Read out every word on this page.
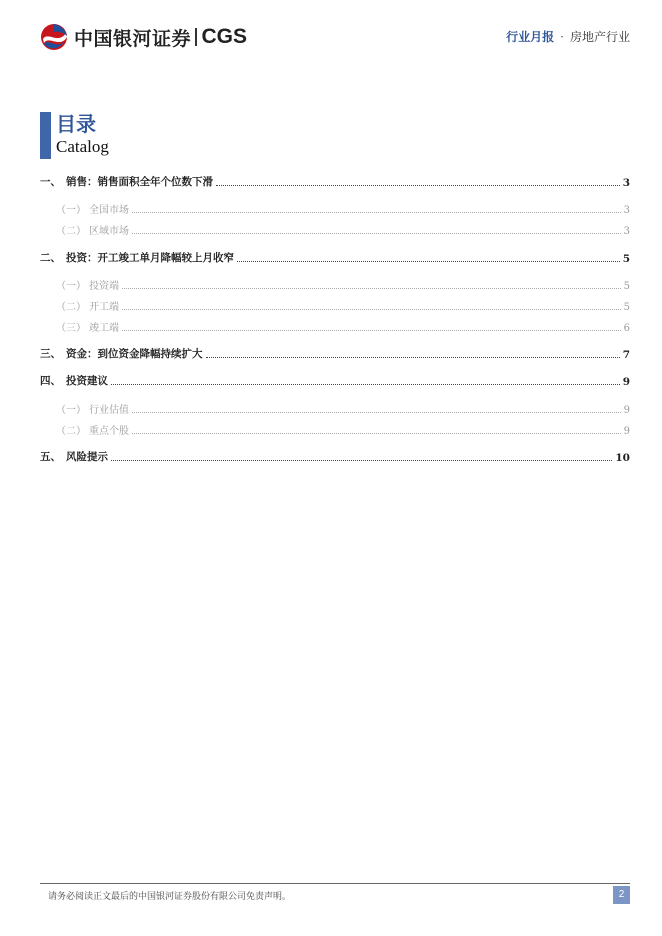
中国银河证券 CGS	行业月报 · 房地产行业
目录
Catalog
一、 销售：销售面积全年个位数下滑	3
（一） 全国市场	3
（二） 区域市场	3
二、 投资：开工竣工单月降幅较上月收窄	5
（一） 投资端	5
（二） 开工端	5
（三） 竣工端	6
三、 资金：到位资金降幅持续扩大	7
四、 投资建议	9
（一） 行业估值	9
（二） 重点个股	9
五、 风险提示	10
请务必阅读正文最后的中国银河证券股份有限公司免责声明。	2
